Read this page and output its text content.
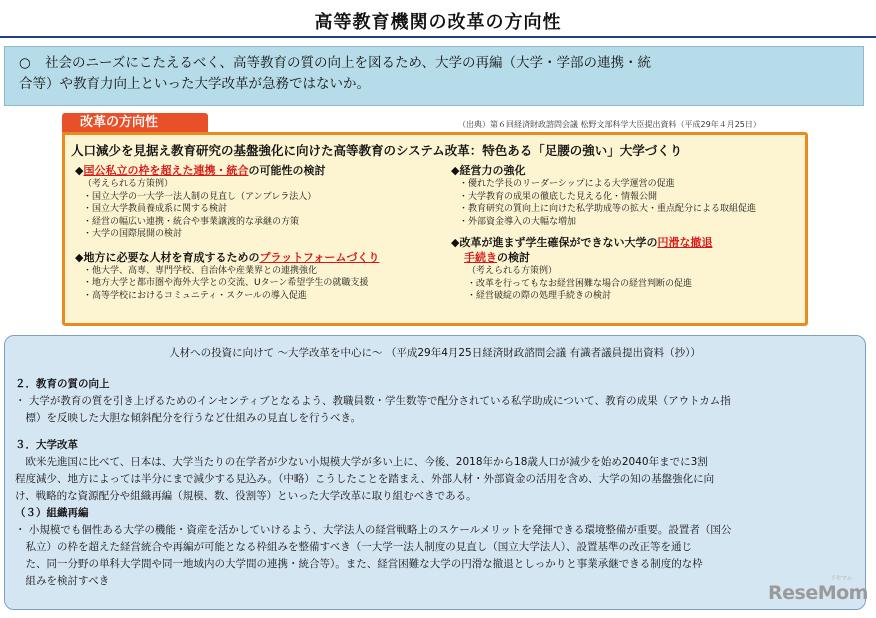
高等教育機関の改革の方向性
○ 社会のニーズにこたえるべく、高等教育の質の向上を図るため、大学の再編（大学・学部の連携・統
合等）や教育力向上といった大学改革が急務ではないか。
（出典）第６回経済財政諮問会議 松野文部科学大臣提出資料（平成29年４月25日）
改革の方向性
人口減少を見据え教育研究の基盤強化に向けた高等教育のシステム改革：特色ある「足腰の強い」大学づくり
◆国公私立の枠を超えた連携・統合の可能性の検討
（考えられる方策例）
・国立大学の一大学一法人制の見直し（アンブレラ法人）
・国立大学教員養成系に関する検討
・経営の幅広い連携・統合や事業譲渡的な承継の方策
・大学の国際展開の検討
◆地方に必要な人材を育成するためのプラットフォームづくり
・他大学、高専、専門学校、自治体や産業界との連携強化
・地方大学と都市圏や海外大学との交流、Uターン希望学生の就職支援
・高等学校におけるコミュニティ・スクールの導入促進
◆経営力の強化
・優れた学長のリーダーシップによる大学運営の促進
・大学教育の成果の徹底した見える化・情報公開
・教育研究の質向上に向けた私学助成等の拡大・重点配分による取組促進
・外部資金導入の大幅な増加
◆改革が進まず学生確保ができない大学の円滑な撤退
手続きの検討
（考えられる方策例）
・改革を行ってもなお経営困難な場合の経営判断の促進
・経営破綻の際の処理手続きの検討
人材への投資に向けて ～大学改革を中心に～ （平成29年4月25日経済財政諮問会議 有識者議員提出資料（抄））

２．教育の質の向上

・ 大学が教育の質を引き上げるためのインセンティブとなるよう、教職員数・学生数等で配分されている私学助成について、教育の成果（アウトカム指

　標）を反映した大胆な傾斜配分を行うなど仕組みの見直しを行うべき。

３．大学改革

　欧米先進国に比べて、日本は、大学当たりの在学者が少ない小規模大学が多い上に、今後、2018年から18歳人口が減少を始め2040年までに3割

程度減少、地方によっては半分にまで減少する見込み。（中略）こうしたことを踏まえ、外部人材・外部資金の活用を含め、大学の知の基盤強化に向

け、戦略的な資源配分や組織再編（規模、数、役割等）といった大学改革に取り組むべきである。

（３）組織再編

・ 小規模でも個性ある大学の機能・資産を活かしていけるよう、大学法人の経営戦略上のスケールメリットを発揮できる環境整備が重要。設置者（国公

　私立）の枠を超えた経営統合や再編が可能となる枠組みを整備すべき（一大学一法人制度の見直し（国立大学法人）、設置基準の改正等を通じ

　た、同一分野の単科大学間や同一地域内の大学間の連携・統合等）。また、経営困難な大学の円滑な撤退としっかりと事業承継できる制度的な枠

　組みを検討すべき	リセマム
ReseMom
